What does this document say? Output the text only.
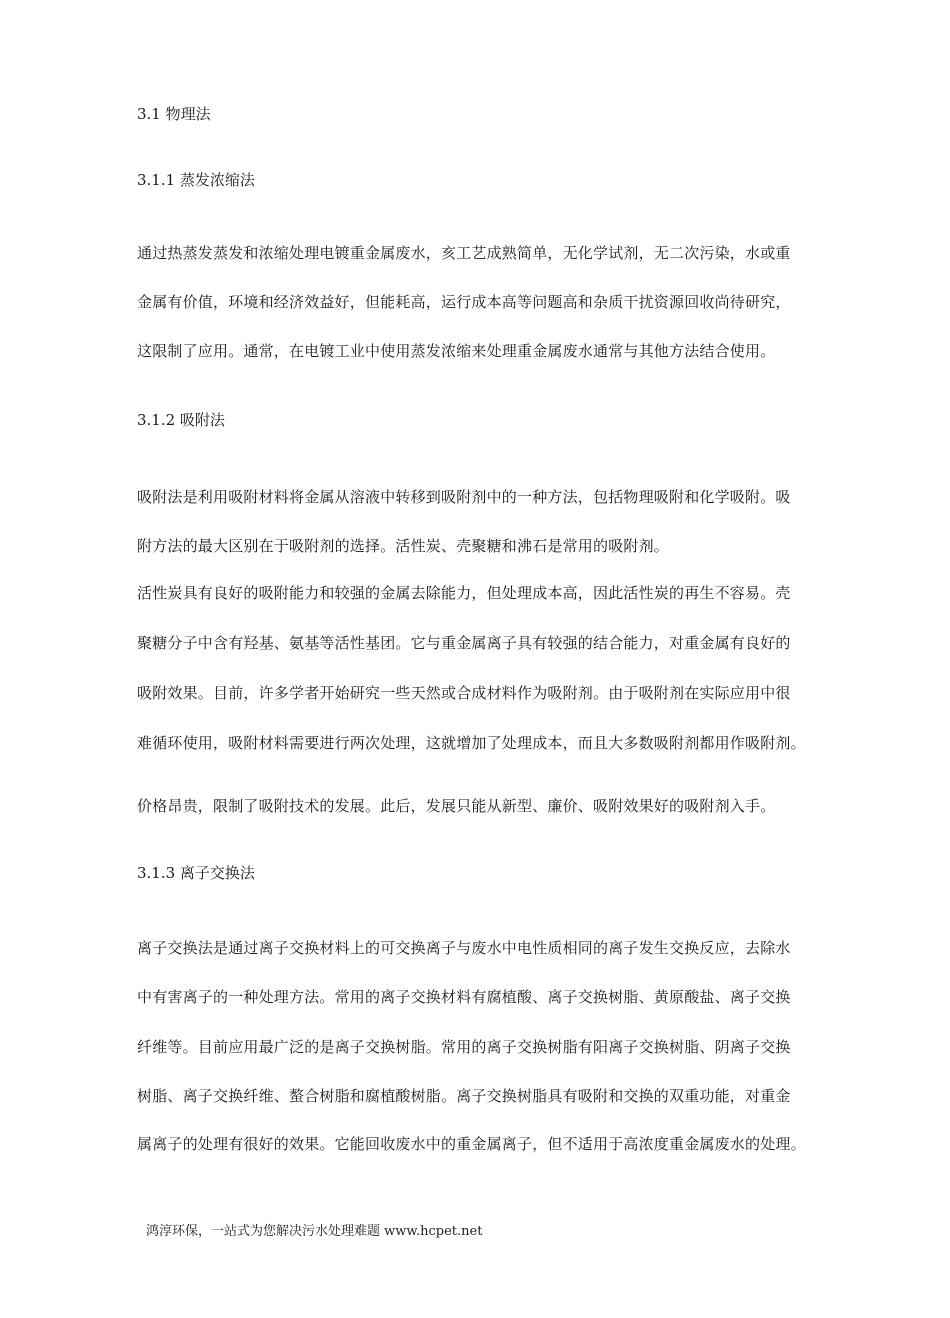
3.1 物理法
3.1.1 蒸发浓缩法
通过热蒸发蒸发和浓缩处理电镀重金属废水，亥工艺成熟简单，无化学试剂，无二次污染，水或重
金属有价值，环境和经济效益好，但能耗高，运行成本高等问题高和杂质干扰资源回收尚待研究，
这限制了应用。通常，在电镀工业中使用蒸发浓缩来处理重金属废水通常与其他方法结合使用。
3.1.2 吸附法
吸附法是利用吸附材料将金属从溶液中转移到吸附剂中的一种方法，包括物理吸附和化学吸附。吸
附方法的最大区别在于吸附剂的选择。活性炭、壳聚糖和沸石是常用的吸附剂。
活性炭具有良好的吸附能力和较强的金属去除能力，但处理成本高，因此活性炭的再生不容易。壳
聚糖分子中含有羟基、氨基等活性基团。它与重金属离子具有较强的结合能力，对重金属有良好的
吸附效果。目前，许多学者开始研究一些天然或合成材料作为吸附剂。由于吸附剂在实际应用中很
难循环使用，吸附材料需要进行两次处理，这就增加了处理成本，而且大多数吸附剂都用作吸附剂。
价格昂贵，限制了吸附技术的发展。此后，发展只能从新型、廉价、吸附效果好的吸附剂入手。
3.1.3 离子交换法
离子交换法是通过离子交换材料上的可交换离子与废水中电性质相同的离子发生交换反应，去除水
中有害离子的一种处理方法。常用的离子交换材料有腐植酸、离子交换树脂、黄原酸盐、离子交换
纤维等。目前应用最广泛的是离子交换树脂。常用的离子交换树脂有阳离子交换树脂、阴离子交换
树脂、离子交换纤维、螯合树脂和腐植酸树脂。离子交换树脂具有吸附和交换的双重功能，对重金
属离子的处理有很好的效果。它能回收废水中的重金属离子，但不适用于高浓度重金属废水的处理。
鸿淳环保，一站式为您解决污水处理难题 www.hcpet.net
